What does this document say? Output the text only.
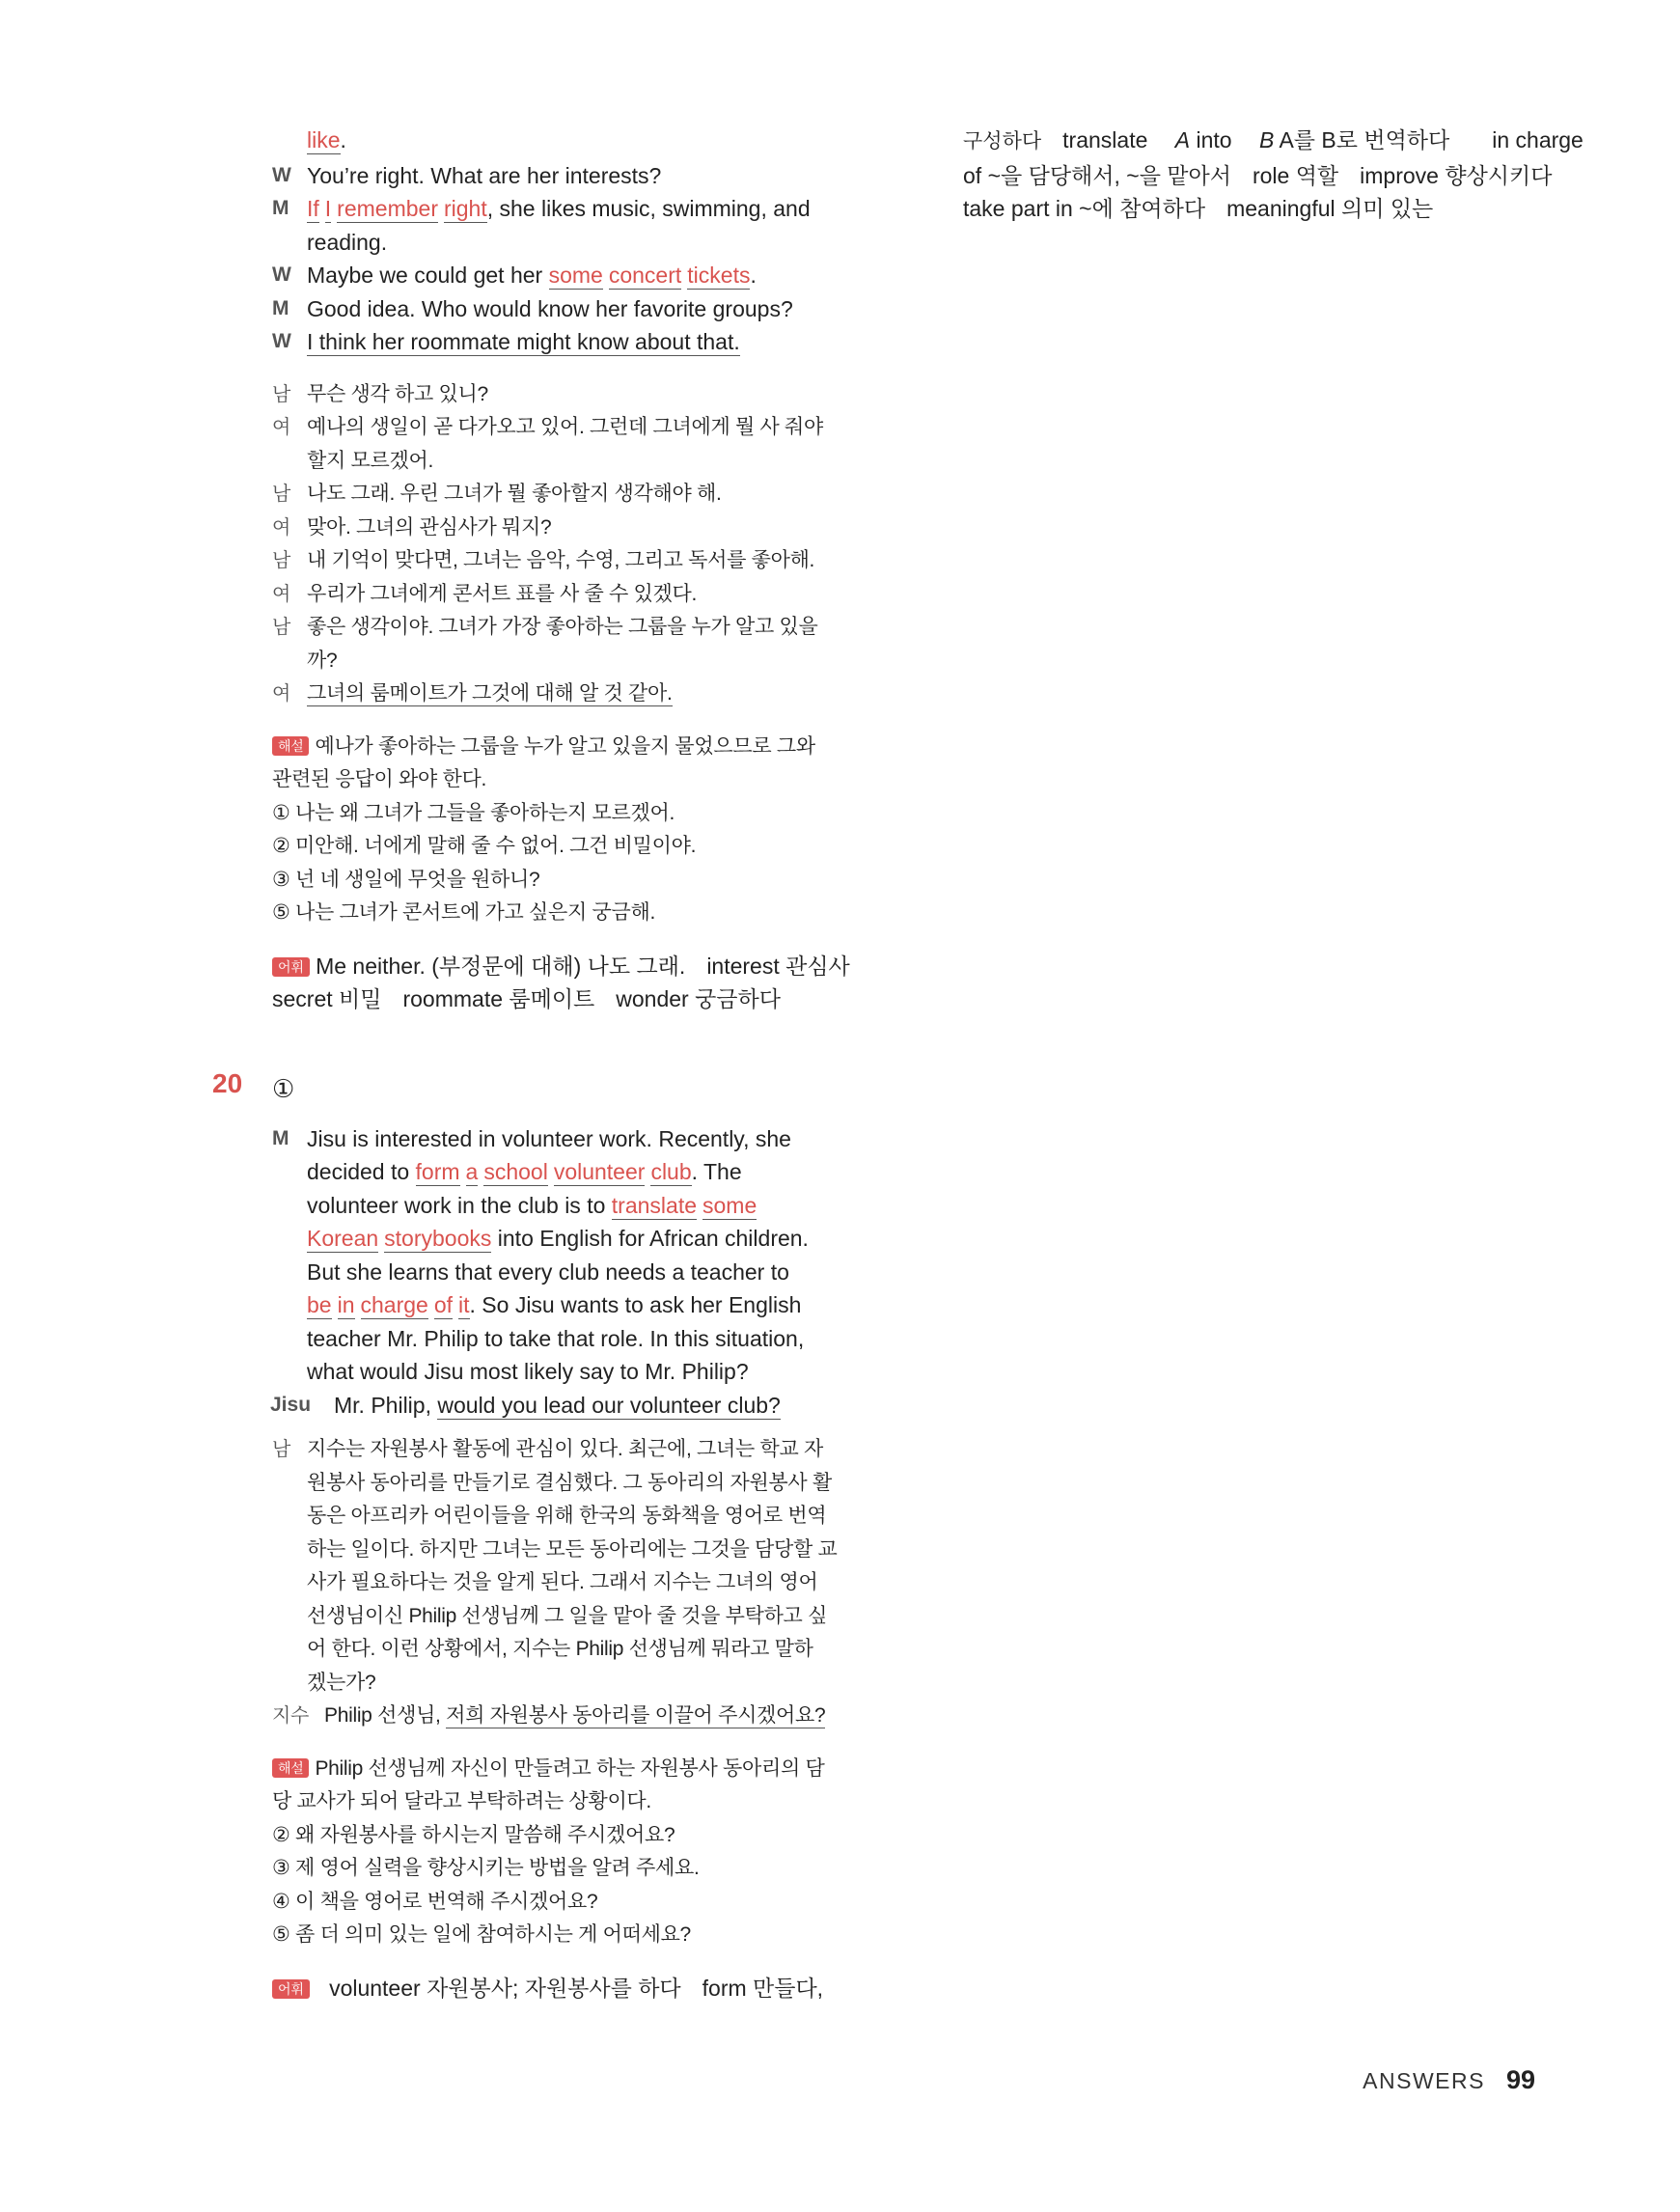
like.
W You’re right. What are her interests?
M If I remember right, she likes music, swimming, and
reading.
W Maybe we could get her some concert tickets.
M Good idea. Who would know her favorite groups?
W I think her roommate might know about that.
남 무슨 생각 하고 있니?
여 예나의 생일이 곧 다가오고 있어. 그런데 그녀에게 뭘 사 줘야
할지 모르겠어.
남 나도 그래. 우린 그녀가 뭘 좋아할지 생각해야 해.
여 맞아. 그녀의 관심사가 뭐지?
남 내 기억이 맞다면, 그녀는 음악, 수영, 그리고 독서를 좋아해.
여 우리가 그녀에게 콘서트 표를 사 줄 수 있겠다.
남 좋은 생각이야. 그녀가 가장 좋아하는 그룹을 누가 알고 있을
까?
여 그녀의 룸메이트가 그것에 대해 알 것 같아.
해설 예나가 좋아하는 그룹을 누가 알고 있을지 물었으므로 그와
관련된 응답이 와야 한다.
① 나는 왜 그녀가 그들을 좋아하는지 모르겠어.
② 미안해. 너에게 말해 줄 수 없어. 그건 비밀이야.
③ 넌 네 생일에 무엇을 원하니?
⑤ 나는 그녀가 콘서트에 가고 싶은지 궁금해.
어휘 Me neither. (부정문에 대해) 나도 그래. interest 관심사
secret 비밀 roommate 룸메이트 wonder 궁금하다
①
M Jisu is interested in volunteer work. Recently, she
decided to form a school volunteer club. The
volunteer work in the club is to translate some
Korean storybooks into English for African children.
But she learns that every club needs a teacher to
be in charge of it. So Jisu wants to ask her English
teacher Mr. Philip to take that role. In this situation,
what would Jisu most likely say to Mr. Philip?
Jisu	Mr. Philip, would you lead our volunteer club?
남 지수는 자원봉사 활동에 관심이 있다. 최근에, 그녀는 학교 자
원봉사 동아리를 만들기로 결심했다. 그 동아리의 자원봉사 활
동은 아프리카 어린이들을 위해 한국의 동화책을 영어로 번역
하는 일이다. 하지만 그녀는 모든 동아리에는 그것을 담당할 교
사가 필요하다는 것을 알게 된다. 그래서 지수는 그녀의 영어
선생님이신 Philip 선생님께 그 일을 맡아 줄 것을 부탁하고 싶
어 한다. 이런 상황에서, 지수는 Philip 선생님께 뭐라고 말하
겠는가?
지수 Philip 선생님, 저희 자원봉사 동아리를 이끌어 주시겠어요?
해설 Philip 선생님께 자신이 만들려고 하는 자원봉사 동아리의 담
당 교사가 되어 달라고 부탁하려는 상황이다.
② 왜 자원봉사를 하시는지 말씀해 주시겠어요?
③ 제 영어 실력을 향상시키는 방법을 알려 주세요.
④ 이 책을 영어로 번역해 주시겠어요?
⑤ 좀 더 의미 있는 일에 참여하시는 게 어떠세요?
어휘 volunteer 자원봉사; 자원봉사를 하다 form 만들다,
20
구성하다 translate A into B A를 B로 번역하다 in charge
of ~을 담당해서, ~을 맡아서 role 역할 improve 향상시키다
take part in ~에 참여하다 meaningful 의미 있는
ANSWERS 99
